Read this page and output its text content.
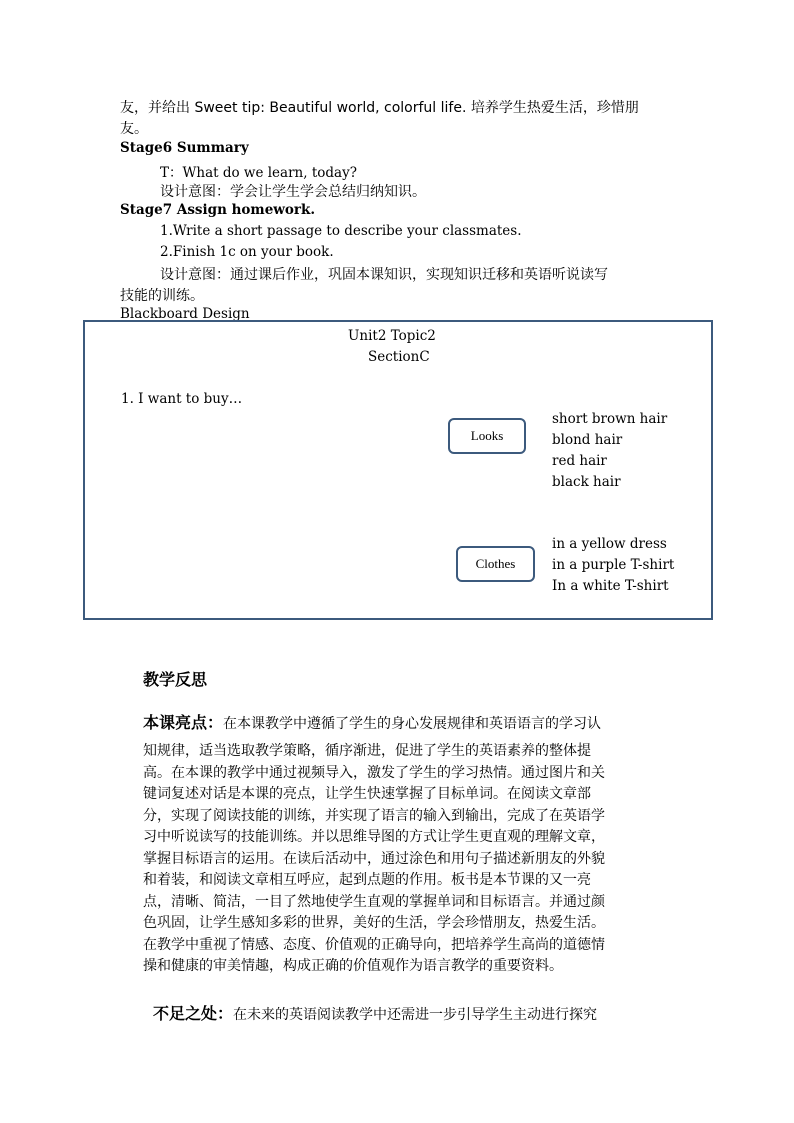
友，并给出 Sweet tip: Beautiful world, colorful life. 培养学生热爱生活，珍惜朋
友。
Stage6 Summary
T：What do we learn, today?
设计意图：学会让学生学会总结归纳知识。
Stage7 Assign homework.
1.Write a short passage to describe your classmates.
2.Finish 1c on your book.
设计意图：通过课后作业，巩固本课知识，实现知识迁移和英语听说读写
技能的训练。
Blackboard Design
Unit2 Topic2
SectionC
1. I want to buy…
Looks
short brown hair
blond hair
red hair
black hair
Clothes
in a yellow dress
in a purple T-shirt
In a white T-shirt
教学反思
本课亮点：在本课教学中遵循了学生的身心发展规律和英语语言的学习认
知规律，适当选取教学策略，循序渐进，促进了学生的英语素养的整体提
高。在本课的教学中通过视频导入，激发了学生的学习热情。通过图片和关
键词复述对话是本课的亮点，让学生快速掌握了目标单词。在阅读文章部
分，实现了阅读技能的训练，并实现了语言的输入到输出，完成了在英语学
习中听说读写的技能训练。并以思维导图的方式让学生更直观的理解文章，
掌握目标语言的运用。在读后活动中，通过涂色和用句子描述新朋友的外貌
和着装，和阅读文章相互呼应，起到点题的作用。板书是本节课的又一亮
点，清晰、简洁，一目了然地使学生直观的掌握单词和目标语言。并通过颜
色巩固，让学生感知多彩的世界，美好的生活，学会珍惜朋友，热爱生活。
在教学中重视了情感、态度、价值观的正确导向，把培养学生高尚的道德情
操和健康的审美情趣，构成正确的价值观作为语言教学的重要资料。
不足之处：在未来的英语阅读教学中还需进一步引导学生主动进行探究
